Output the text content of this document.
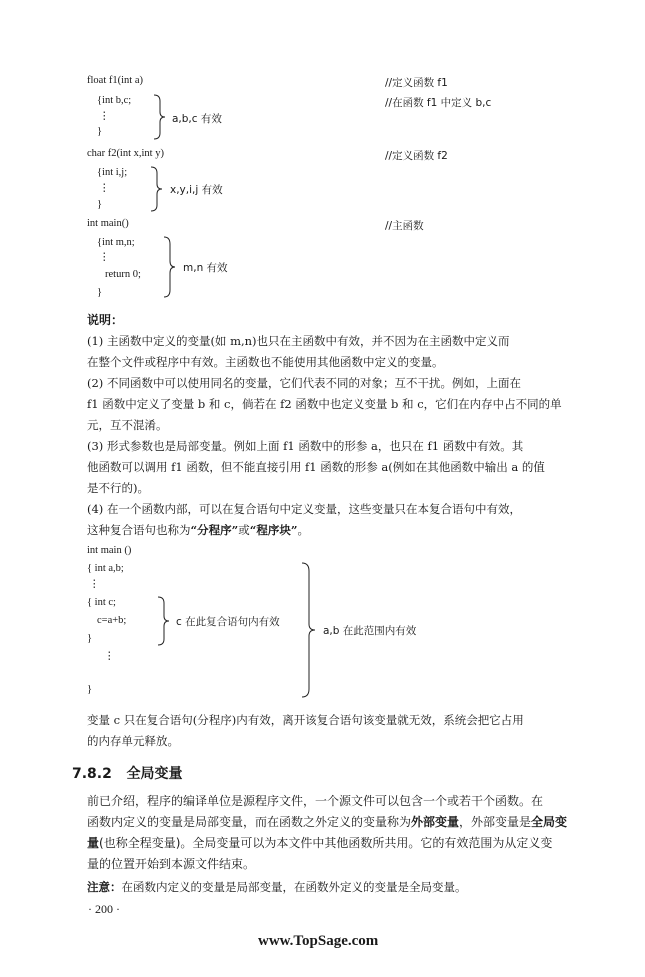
float f1(int a)	//定义函数 f1
{int b,c;	//在函数 f1 中定义 b,c
⋮
}
a,b,c 有效
char f2(int x,int y)	//定义函数 f2
{int i,j;
⋮
}
x,y,i,j 有效
int main()	//主函数
{int m,n;
⋮
return 0;
}
m,n 有效
说明：
(1) 主函数中定义的变量(如 m,n)也只在主函数中有效，并不因为在主函数中定义而
在整个文件或程序中有效。主函数也不能使用其他函数中定义的变量。
(2) 不同函数中可以使用同名的变量，它们代表不同的对象；互不干扰。例如，上面在
f1 函数中定义了变量 b 和 c，倘若在 f2 函数中也定义变量 b 和 c，它们在内存中占不同的单
元，互不混淆。
(3) 形式参数也是局部变量。例如上面 f1 函数中的形参 a，也只在 f1 函数中有效。其
他函数可以调用 f1 函数，但不能直接引用 f1 函数的形参 a(例如在其他函数中输出 a 的值
是不行的)。
(4) 在一个函数内部，可以在复合语句中定义变量，这些变量只在本复合语句中有效，
这种复合语句也称为“分程序”或“程序块”。
int main ()
{ int a,b;
⋮
{ int c;
c=a+b;
}
⋮
}
c 在此复合语句内有效
a,b 在此范围内有效
变量 c 只在复合语句(分程序)内有效，离开该复合语句该变量就无效，系统会把它占用
的内存单元释放。
7.8.2 全局变量
前已介绍，程序的编译单位是源程序文件，一个源文件可以包含一个或若干个函数。在
函数内定义的变量是局部变量，而在函数之外定义的变量称为外部变量，外部变量是全局变
量(也称全程变量)。全局变量可以为本文件中其他函数所共用。它的有效范围为从定义变
量的位置开始到本源文件结束。
注意：在函数内定义的变量是局部变量，在函数外定义的变量是全局变量。
· 200 ·
www.TopSage.com
